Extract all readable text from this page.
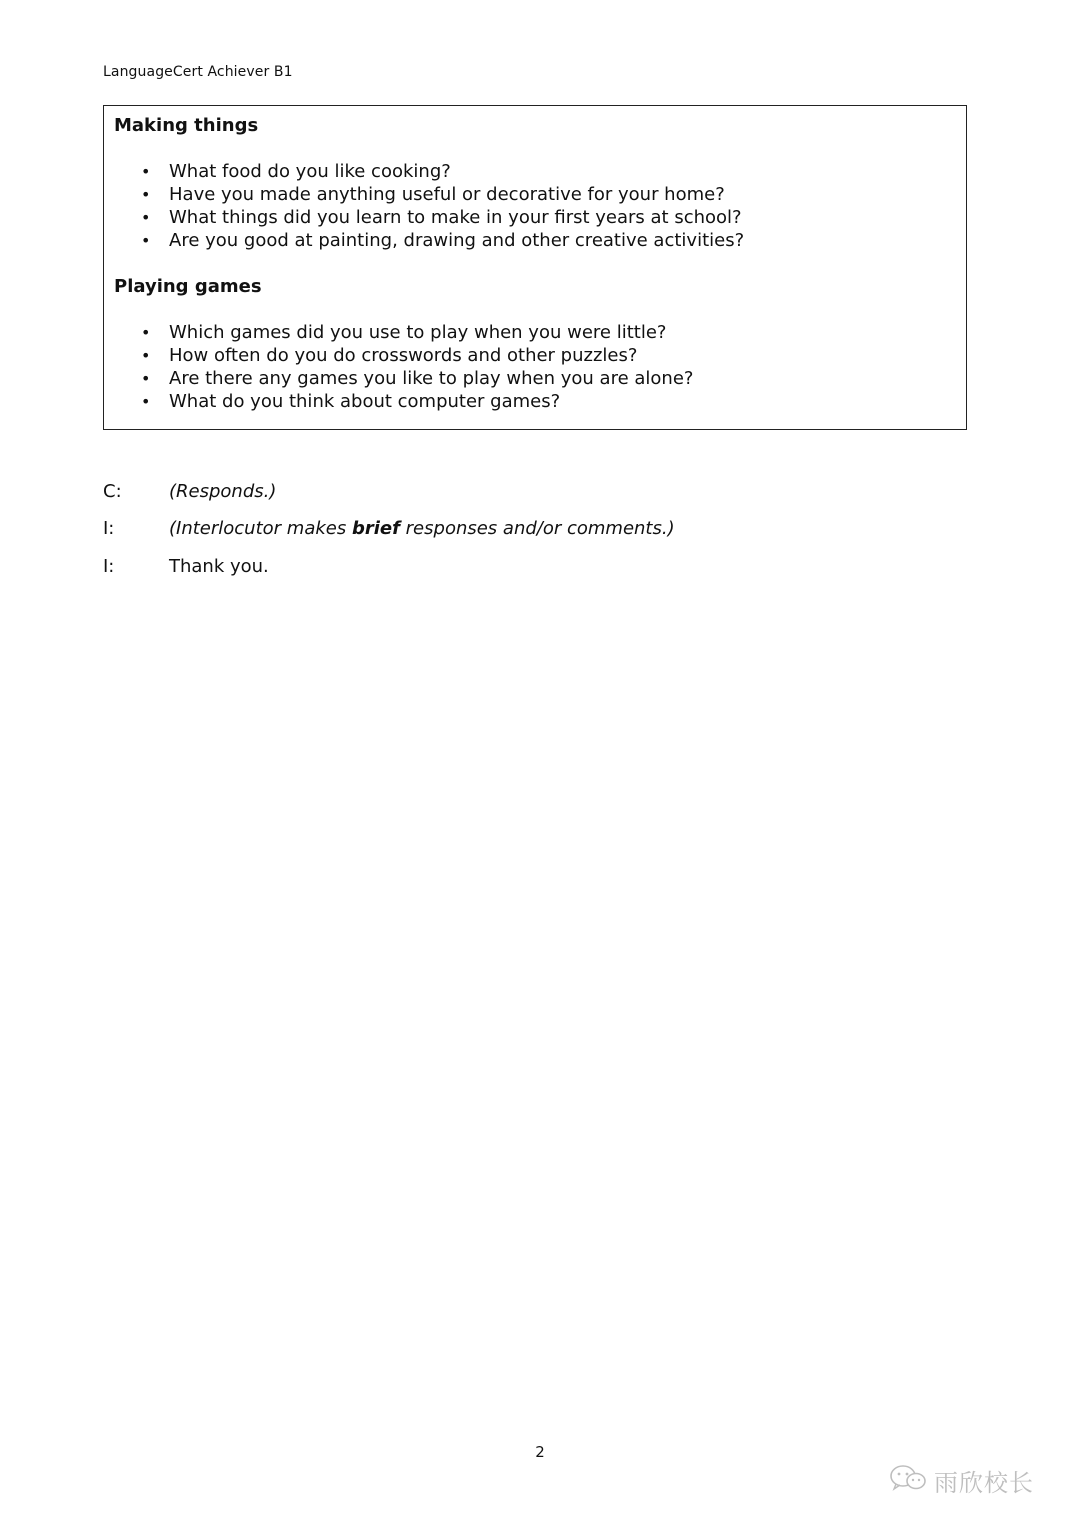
LanguageCert Achiever B1
Making things
• What food do you like cooking?
• Have you made anything useful or decorative for your home?
• What things did you learn to make in your first years at school?
• Are you good at painting, drawing and other creative activities?
Playing games
• Which games did you use to play when you were little?
• How often do you do crosswords and other puzzles?
• Are there any games you like to play when you are alone?
• What do you think about computer games?
C:	(Responds.)
I:	(Interlocutor makes brief responses and/or comments.)
I:	Thank you.
2
雨欣校长
